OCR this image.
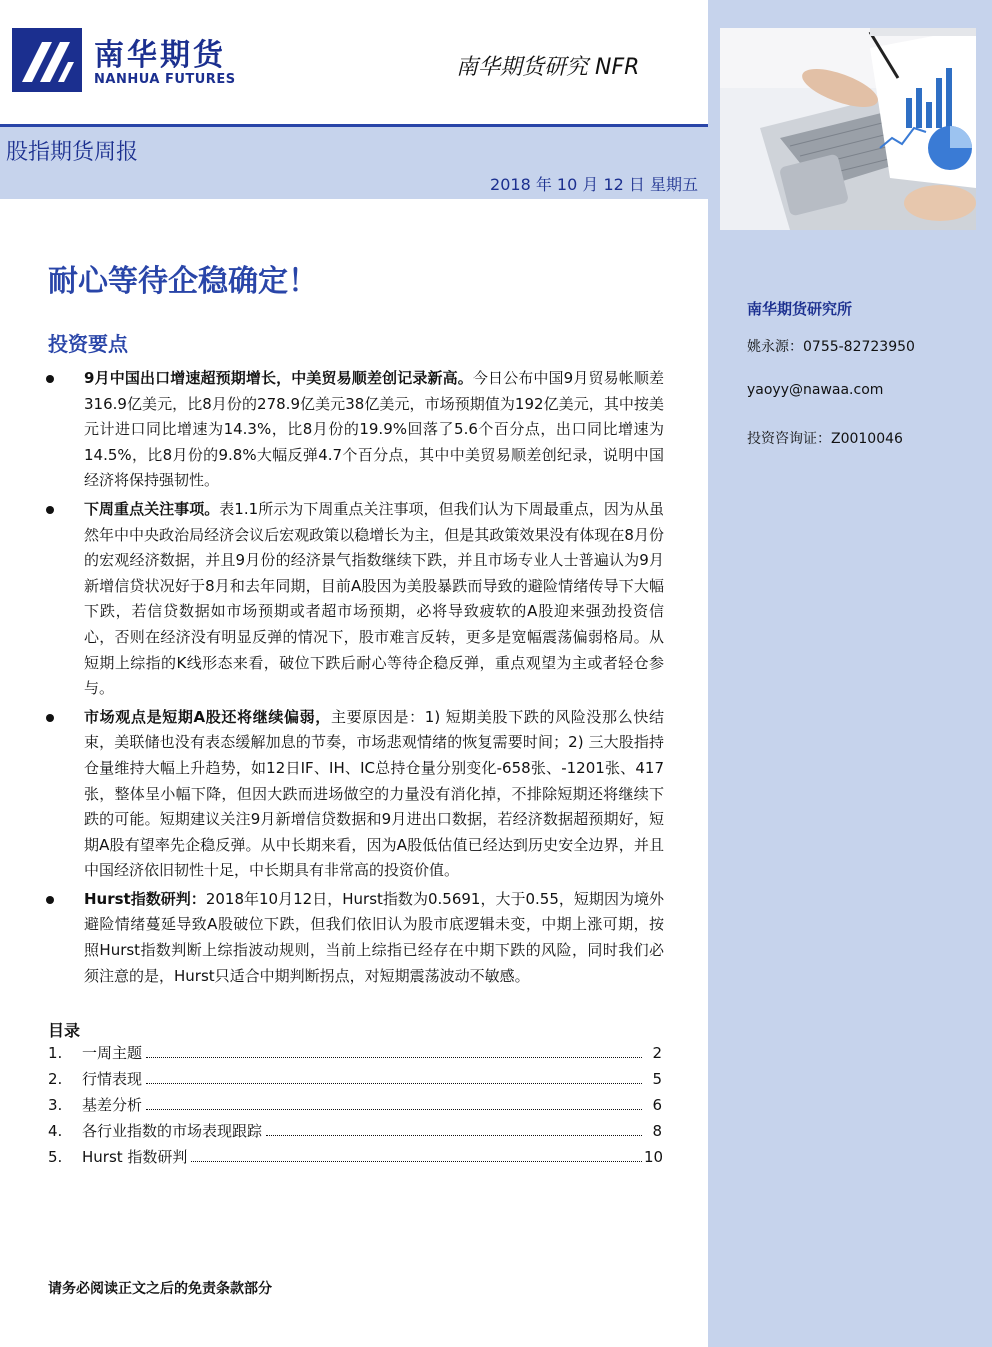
南华期货
NANHUA FUTURES	南华期货研究 NFR
股指期货周报
2018 年 10 月 12 日 星期五
耐心等待企稳确定！
投资要点
9月中国出口增速超预期增长，中美贸易顺差创记录新高。今日公布中国9月贸易帐顺差316.9亿美元，比8月份的278.9亿美元38亿美元，市场预期值为192亿美元，其中按美元计进口同比增速为14.3%，比8月份的19.9%回落了5.6个百分点，出口同比增速为14.5%，比8月份的9.8%大幅反弹4.7个百分点，其中中美贸易顺差创纪录，说明中国经济将保持强韧性。
下周重点关注事项。表1.1所示为下周重点关注事项，但我们认为下周最重点，因为从虽然年中中央政治局经济会议后宏观政策以稳增长为主，但是其政策效果没有体现在8月份的宏观经济数据，并且9月份的经济景气指数继续下跌，并且市场专业人士普遍认为9月新增信贷状况好于8月和去年同期，目前A股因为美股暴跌而导致的避险情绪传导下大幅下跌，若信贷数据如市场预期或者超市场预期，必将导致疲软的A股迎来强劲投资信心，否则在经济没有明显反弹的情况下，股市难言反转，更多是宽幅震荡偏弱格局。从短期上综指的K线形态来看，破位下跌后耐心等待企稳反弹，重点观望为主或者轻仓参与。
市场观点是短期A股还将继续偏弱，主要原因是：1) 短期美股下跌的风险没那么快结束，美联储也没有表态缓解加息的节奏，市场悲观情绪的恢复需要时间；2) 三大股指持仓量维持大幅上升趋势，如12日IF、IH、IC总持仓量分别变化-658张、-1201张、417张，整体呈小幅下降，但因大跌而进场做空的力量没有消化掉，不排除短期还将继续下跌的可能。短期建议关注9月新增信贷数据和9月进出口数据，若经济数据超预期好，短期A股有望率先企稳反弹。从中长期来看，因为A股低估值已经达到历史安全边界，并且中国经济依旧韧性十足，中长期具有非常高的投资价值。
Hurst指数研判：2018年10月12日，Hurst指数为0.5691，大于0.55，短期因为境外避险情绪蔓延导致A股破位下跌，但我们依旧认为股市底逻辑未变，中期上涨可期，按照Hurst指数判断上综指波动规则，当前上综指已经存在中期下跌的风险，同时我们必须注意的是，Hurst只适合中期判断拐点，对短期震荡波动不敏感。
目录
1.	一周主题	2
2.	行情表现	5
3.	基差分析	6
4.	各行业指数的市场表现跟踪	8
5.	Hurst 指数研判	10
请务必阅读正文之后的免责条款部分
南华期货研究所
姚永源：0755-82723950
yaoyy@nawaa.com
投资咨询证：Z0010046
